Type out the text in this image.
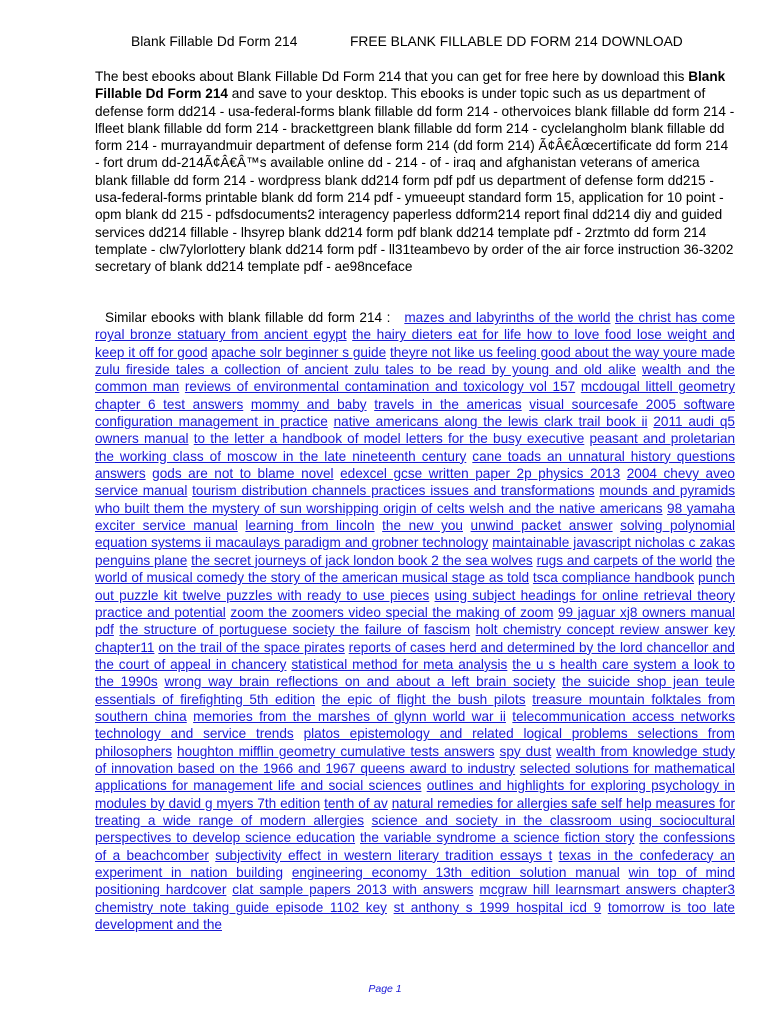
Blank Fillable Dd Form 214	FREE BLANK FILLABLE DD FORM 214 DOWNLOAD
The best ebooks about Blank Fillable Dd Form 214 that you can get for free here by download this Blank Fillable Dd Form 214 and save to your desktop. This ebooks is under topic such as us department of defense form dd214 - usa-federal-forms blank fillable dd form 214 - othervoices blank fillable dd form 214 - lfleet blank fillable dd form 214 - brackettgreen blank fillable dd form 214 - cyclelangholm blank fillable dd form 214 - murrayandmuir department of defense form 214 (dd form 214) Ã¢Â€Âœcertificate dd form 214 - fort drum dd-214Ã¢Â€Â™s available online dd - 214 - of - iraq and afghanistan veterans of america blank fillable dd form 214 - wordpress blank dd214 form pdf pdf us department of defense form dd215 - usa-federal-forms printable blank dd form 214 pdf - ymueeupt standard form 15, application for 10 point - opm blank dd 215 - pdfsdocuments2 interagency paperless ddform214 report final dd214 diy and guided services dd214 fillable - lhsyrep blank dd214 form pdf blank dd214 template pdf - 2rztmto dd form 214 template - clw7ylorlottery blank dd214 form pdf - ll31teambevo by order of the air force instruction 36-3202 secretary of blank dd214 template pdf - ae98nceface
Similar ebooks with blank fillable dd form 214 : mazes and labyrinths of the world the christ has come royal bronze statuary from ancient egypt the hairy dieters eat for life how to love food lose weight and keep it off for good apache solr beginner s guide theyre not like us feeling good about the way youre made zulu fireside tales a collection of ancient zulu tales to be read by young and old alike wealth and the common man reviews of environmental contamination and toxicology vol 157 mcdougal littell geometry chapter 6 test answers mommy and baby travels in the americas visual sourcesafe 2005 software configuration management in practice native americans along the lewis clark trail book ii 2011 audi q5 owners manual to the letter a handbook of model letters for the busy executive peasant and proletarian the working class of moscow in the late nineteenth century cane toads an unnatural history questions answers gods are not to blame novel edexcel gcse written paper 2p physics 2013 2004 chevy aveo service manual tourism distribution channels practices issues and transformations mounds and pyramids who built them the mystery of sun worshipping origin of celts welsh and the native americans 98 yamaha exciter service manual learning from lincoln the new you unwind packet answer solving polynomial equation systems ii macaulays paradigm and grobner technology maintainable javascript nicholas c zakas penguins plane the secret journeys of jack london book 2 the sea wolves rugs and carpets of the world the world of musical comedy the story of the american musical stage as told tsca compliance handbook punch out puzzle kit twelve puzzles with ready to use pieces using subject headings for online retrieval theory practice and potential zoom the zoomers video special the making of zoom 99 jaguar xj8 owners manual pdf the structure of portuguese society the failure of fascism holt chemistry concept review answer key chapter11 on the trail of the space pirates reports of cases herd and determined by the lord chancellor and the court of appeal in chancery statistical method for meta analysis the u s health care system a look to the 1990s wrong way brain reflections on and about a left brain society the suicide shop jean teule essentials of firefighting 5th edition the epic of flight the bush pilots treasure mountain folktales from southern china memories from the marshes of glynn world war ii telecommunication access networks technology and service trends platos epistemology and related logical problems selections from philosophers houghton mifflin geometry cumulative tests answers spy dust wealth from knowledge study of innovation based on the 1966 and 1967 queens award to industry selected solutions for mathematical applications for management life and social sciences outlines and highlights for exploring psychology in modules by david g myers 7th edition tenth of av natural remedies for allergies safe self help measures for treating a wide range of modern allergies science and society in the classroom using sociocultural perspectives to develop science education the variable syndrome a science fiction story the confessions of a beachcomber subjectivity effect in western literary tradition essays t texas in the confederacy an experiment in nation building engineering economy 13th edition solution manual win top of mind positioning hardcover clat sample papers 2013 with answers mcgraw hill learnsmart answers chapter3 chemistry note taking guide episode 1102 key st anthony s 1999 hospital icd 9 tomorrow is too late development and the
Page 1
